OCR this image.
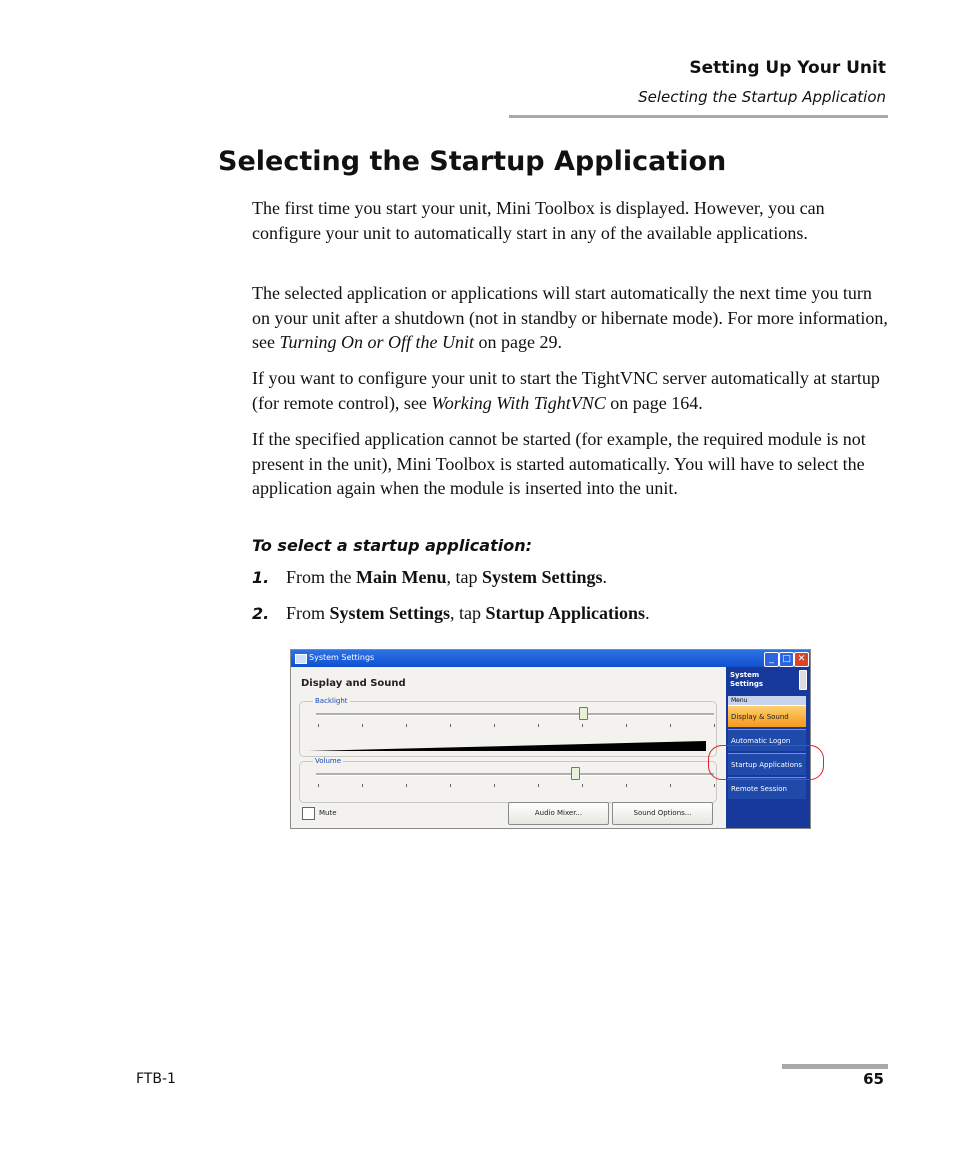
Setting Up Your Unit
Selecting the Startup Application
Selecting the Startup Application

The first time you start your unit, Mini Toolbox is displayed. However, you can configure your unit to automatically start in any of the available applications.

The selected application or applications will start automatically the next time you turn on your unit after a shutdown (not in standby or hibernate mode). For more information, see Turning On or Off the Unit on page 29.

If you want to configure your unit to start the TightVNC server automatically at startup (for remote control), see Working With TightVNC on page 164.

If the specified application cannot be started (for example, the required module is not present in the unit), Mini Toolbox is started automatically. You will have to select the application again when the module is inserted into the unit.

To select a startup application:

1. From the Main Menu, tap System Settings.
2. From System Settings, tap Startup Applications.
System Settings	_ □ ✕
Display and Sound
Backlight
Volume
Mute	Audio Mixer...	Sound Options...
System
Settings
Menu
Display & Sound
Automatic Logon
Startup Applications
Remote Session
FTB-1	65
